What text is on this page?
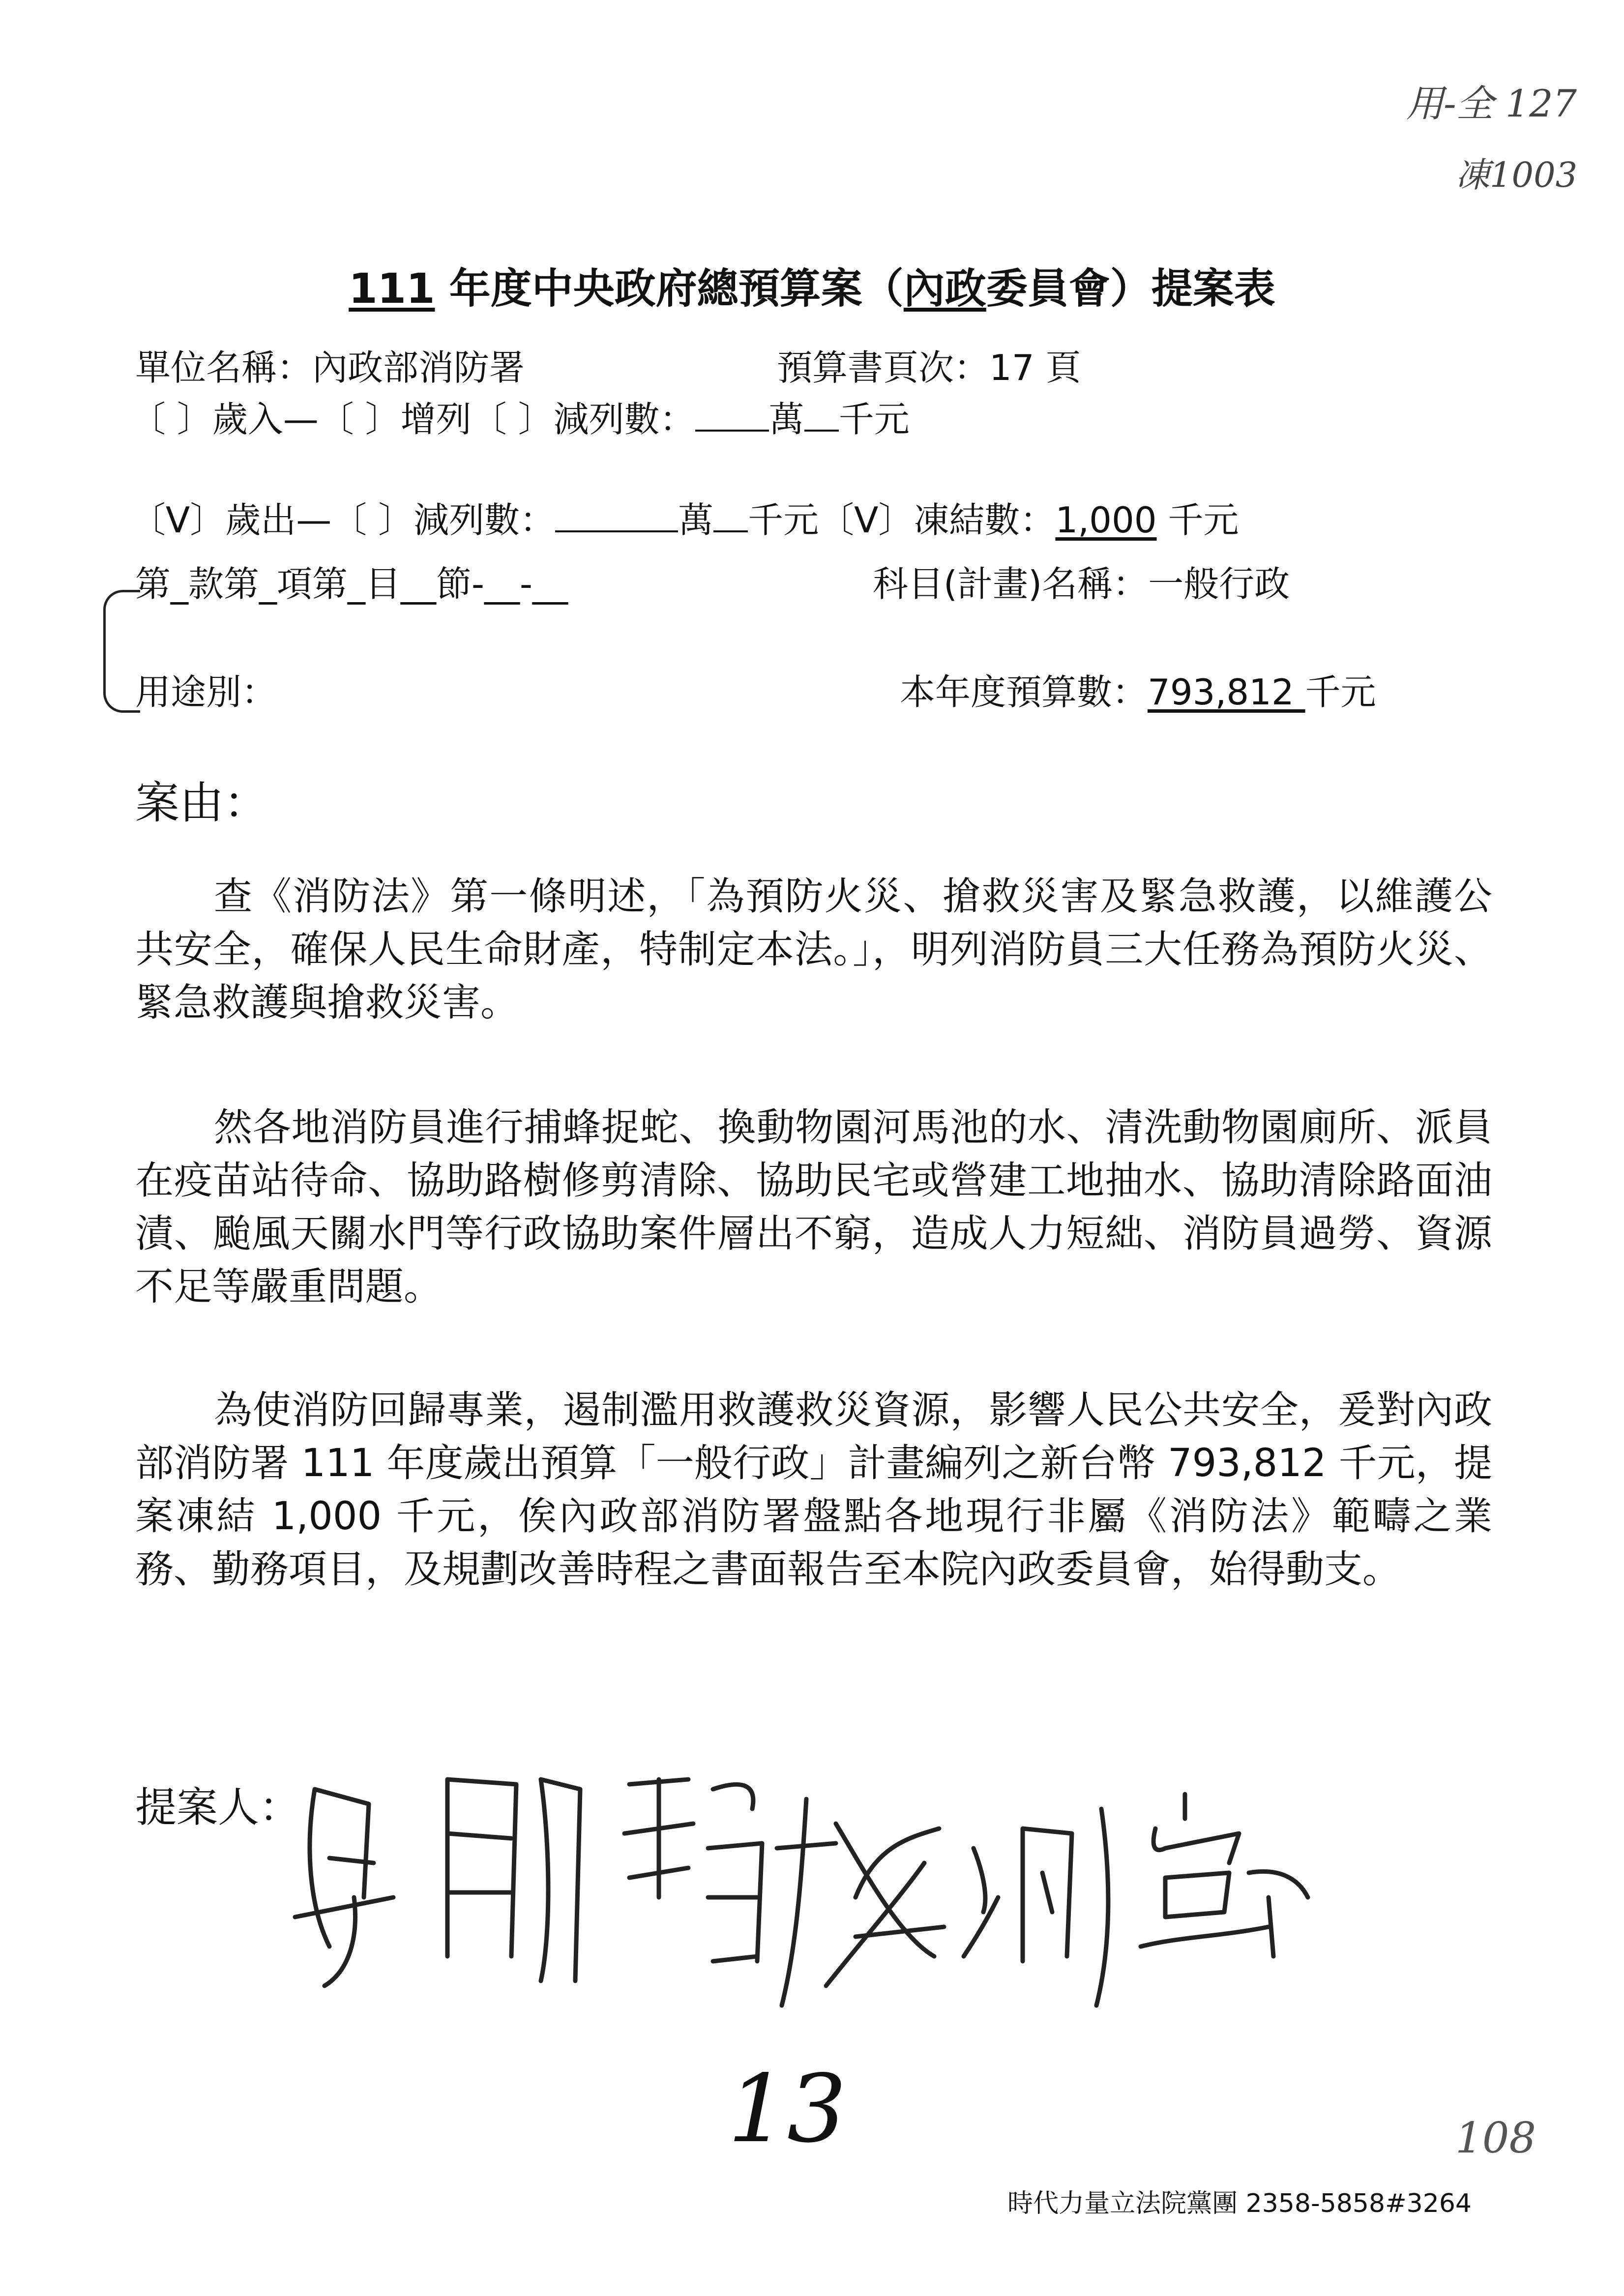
用-全 127
凍1003
111 年度中央政府總預算案（內政委員會）提案表
單位名稱：內政部消防署	預算書頁次：17 頁
〔 〕歲入—〔 〕增列〔 〕減列數： 萬 千元
〔V〕歲出—〔 〕減列數：	萬 千元〔V〕凍結數：1,000 千元
第_款第_項第_目__節-__-__	科目(計畫)名稱：一般行政
用途別：	本年度預算數：793,812 千元
案由：
查《消防法》第一條明述，「為預防火災、搶救災害及緊急救護，以維護公共安全，確保人民生命財產，特制定本法。」，明列消防員三大任務為預防火災、緊急救護與搶救災害。
然各地消防員進行捕蜂捉蛇、換動物園河馬池的水、清洗動物園廁所、派員在疫苗站待命、協助路樹修剪清除、協助民宅或營建工地抽水、協助清除路面油漬、颱風天關水門等行政協助案件層出不窮，造成人力短絀、消防員過勞、資源不足等嚴重問題。
為使消防回歸專業，遏制濫用救護救災資源，影響人民公共安全，爰對內政部消防署 111 年度歲出預算「一般行政」計畫編列之新台幣 793,812 千元，提案凍結 1,000 千元，俟內政部消防署盤點各地現行非屬《消防法》範疇之業務、勤務項目，及規劃改善時程之書面報告至本院內政委員會，始得動支。
提案人：
13	108
時代力量立法院黨團 2358-5858#3264
